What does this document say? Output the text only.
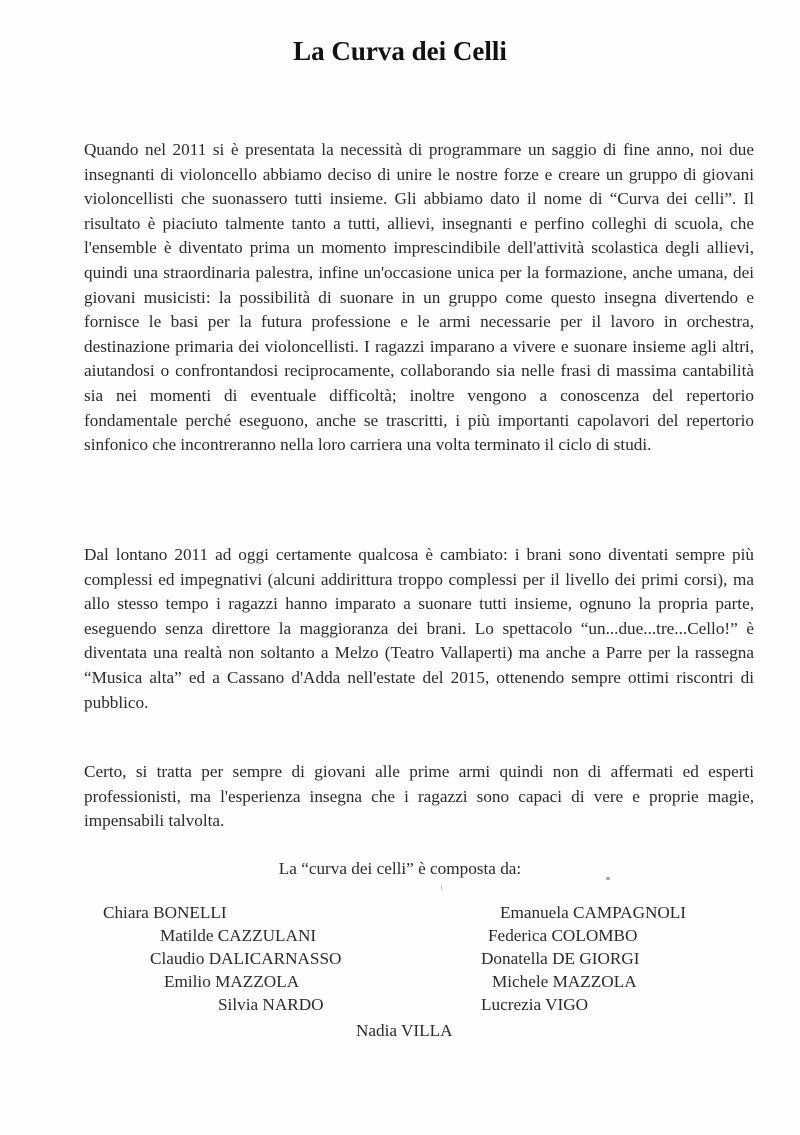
La Curva dei Celli

Quando nel 2011 si è presentata la necessità di programmare un saggio di fine anno, noi due insegnanti di violoncello abbiamo deciso di unire le nostre forze e creare un gruppo di giovani violoncellisti che suonassero tutti insieme. Gli abbiamo dato il nome di “Curva dei celli”. Il risultato è piaciuto talmente tanto a tutti, allievi, insegnanti e perfino colleghi di scuola, che l'ensemble è diventato prima un momento imprescindibile dell'attività scolastica degli allievi, quindi una straordinaria palestra, infine un'occasione unica per la formazione, anche umana, dei giovani musicisti: la possibilità di suonare in un gruppo come questo insegna divertendo e fornisce le basi per la futura professione e le armi necessarie per il lavoro in orchestra, destinazione primaria dei violoncellisti. I ragazzi imparano a vivere e suonare insieme agli altri, aiutandosi o confrontandosi reciprocamente, collaborando sia nelle frasi di massima cantabilità sia nei momenti di eventuale difficoltà; inoltre vengono a conoscenza del repertorio fondamentale perché eseguono, anche se trascritti, i più importanti capolavori del repertorio sinfonico che incontreranno nella loro carriera una volta terminato il ciclo di studi.

Dal lontano 2011 ad oggi certamente qualcosa è cambiato: i brani sono diventati sempre più complessi ed impegnativi (alcuni addirittura troppo complessi per il livello dei primi corsi), ma allo stesso tempo i ragazzi hanno imparato a suonare tutti insieme, ognuno la propria parte, eseguendo senza direttore la maggioranza dei brani. Lo spettacolo “un...due...tre...Cello!” è diventata una realtà non soltanto a Melzo (Teatro Vallaperti) ma anche a Parre per la rassegna “Musica alta” ed a Cassano d'Adda nell'estate del 2015, ottenendo sempre ottimi riscontri di pubblico.

Certo, si tratta per sempre di giovani alle prime armi quindi non di affermati ed esperti professionisti, ma l'esperienza insegna che i ragazzi sono capaci di vere e proprie magie, impensabili talvolta.

La “curva dei celli” è composta da:
Chiara BONELLI
Matilde CAZZULANI
Claudio DALICARNASSO
Emilio MAZZOLA
Silvia NARDO
Emanuela CAMPAGNOLI
Federica COLOMBO
Donatella DE GIORGI
Michele MAZZOLA
Lucrezia VIGO
Nadia VILLA
